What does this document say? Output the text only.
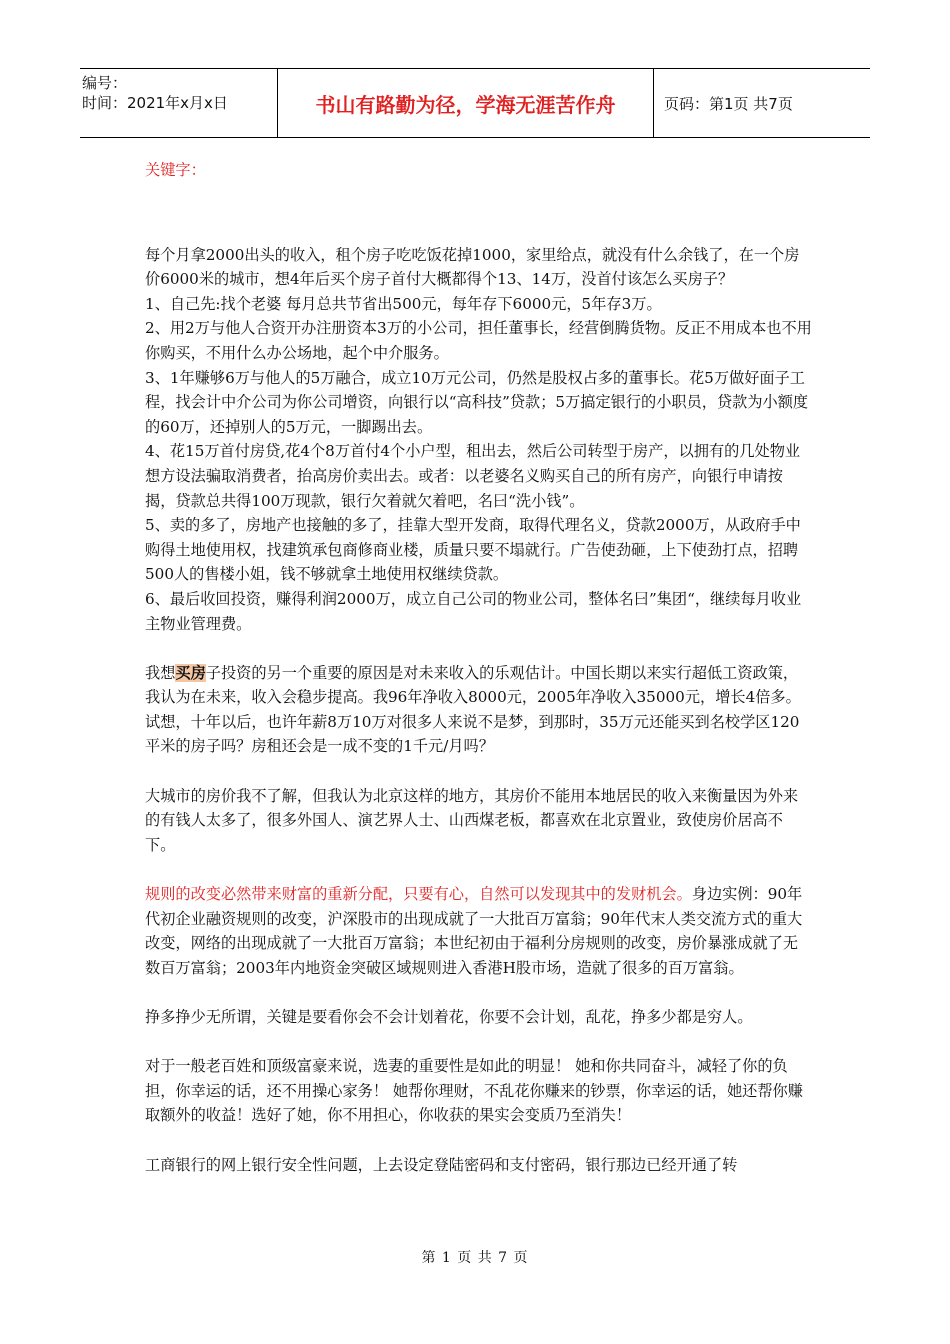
编号：
时间：2021年x月x日	书山有路勤为径，学海无涯苦作舟	页码：第1页 共7页

关键字：

每个月拿2000出头的收入，租个房子吃吃饭花掉1000，家里给点，就没有什么余钱了，在一个房价6000米的城市，想4年后买个房子首付大概都得个13、14万，没首付该怎么买房子？

1、自己先:找个老婆 每月总共节省出500元，每年存下6000元，5年存3万。

2、用2万与他人合资开办注册资本3万的小公司，担任董事长，经营倒腾货物。反正不用成本也不用你购买，不用什么办公场地，起个中介服务。

3、1年赚够6万与他人的5万融合，成立10万元公司，仍然是股权占多的董事长。花5万做好面子工程，找会计中介公司为你公司增资，向银行以“高科技”贷款；5万搞定银行的小职员，贷款为小额度的60万，还掉别人的5万元，一脚踢出去。

4、花15万首付房贷,花4个8万首付4个小户型，租出去，然后公司转型于房产，以拥有的几处物业想方设法骗取消费者，抬高房价卖出去。或者：以老婆名义购买自己的所有房产，向银行申请按揭，贷款总共得100万现款，银行欠着就欠着吧，名曰“洗小钱”。

5、卖的多了，房地产也接触的多了，挂靠大型开发商，取得代理名义，贷款2000万，从政府手中购得土地使用权，找建筑承包商修商业楼，质量只要不塌就行。广告使劲砸，上下使劲打点，招聘500人的售楼小姐，钱不够就拿土地使用权继续贷款。

6、最后收回投资，赚得利润2000万，成立自己公司的物业公司，整体名曰”集团“，继续每月收业主物业管理费。

我想买房子投资的另一个重要的原因是对未来收入的乐观估计。中国长期以来实行超低工资政策，我认为在未来，收入会稳步提高。我96年净收入8000元，2005年净收入35000元，增长4倍多。试想，十年以后，也许年薪8万10万对很多人来说不是梦，到那时，35万元还能买到名校学区120平米的房子吗？房租还会是一成不变的1千元/月吗？

大城市的房价我不了解，但我认为北京这样的地方，其房价不能用本地居民的收入来衡量因为外来的有钱人太多了，很多外国人、演艺界人士、山西煤老板，都喜欢在北京置业，致使房价居高不下。

规则的改变必然带来财富的重新分配，只要有心，自然可以发现其中的发财机会。身边实例：90年代初企业融资规则的改变，沪深股市的出现成就了一大批百万富翁；90年代末人类交流方式的重大改变，网络的出现成就了一大批百万富翁；本世纪初由于福利分房规则的改变，房价暴涨成就了无数百万富翁；2003年内地资金突破区域规则进入香港H股市场，造就了很多的百万富翁。

挣多挣少无所谓，关键是要看你会不会计划着花，你要不会计划，乱花，挣多少都是穷人。

对于一般老百姓和顶级富豪来说，选妻的重要性是如此的明显！ 她和你共同奋斗，减轻了你的负担，你幸运的话，还不用操心家务！ 她帮你理财，不乱花你赚来的钞票，你幸运的话，她还帮你赚取额外的收益！选好了她，你不用担心，你收获的果实会变质乃至消失！

工商银行的网上银行安全性问题，上去设定登陆密码和支付密码，银行那边已经开通了转

第 1 页 共 7 页
